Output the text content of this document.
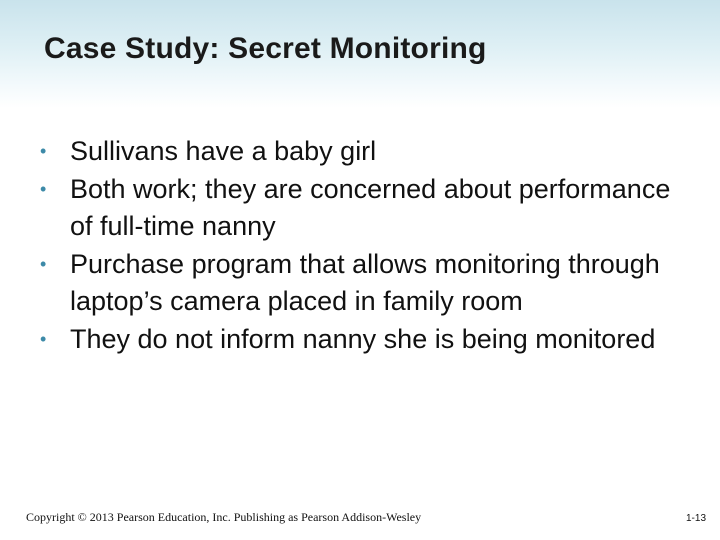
Case Study: Secret Monitoring
• Sullivans have a baby girl
• Both work; they are concerned about performance of full-time nanny
• Purchase program that allows monitoring through laptop’s camera placed in family room
• They do not inform nanny she is being monitored
Copyright © 2013 Pearson Education, Inc. Publishing as Pearson Addison-Wesley	1-13
